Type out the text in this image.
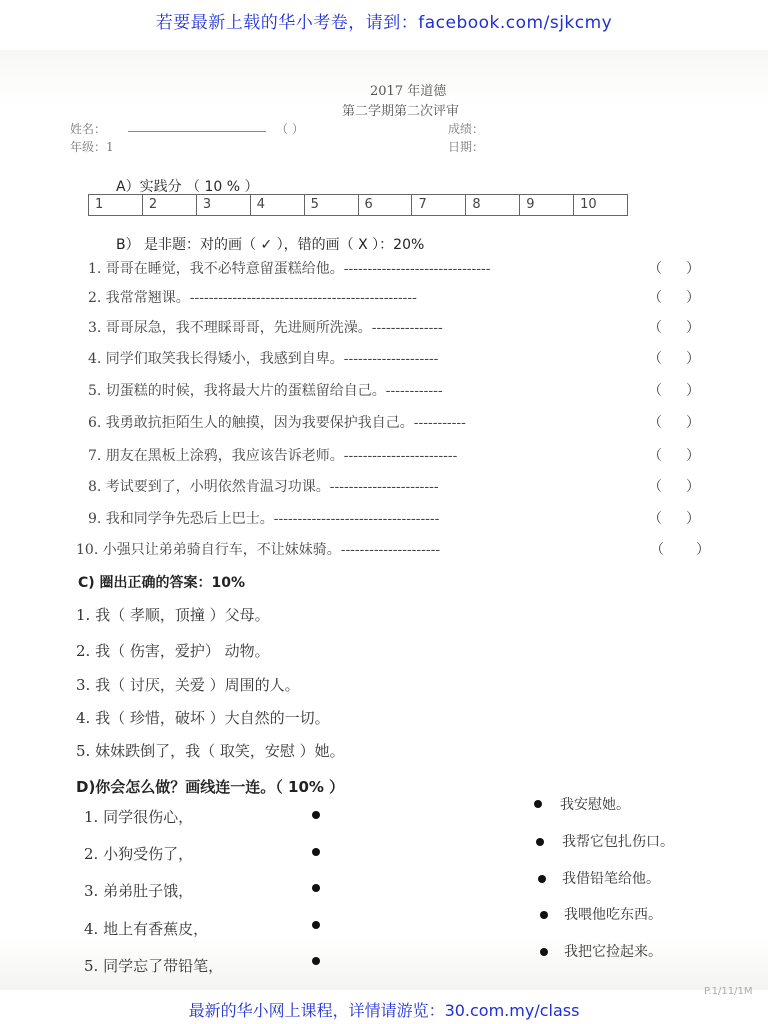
若要最新上载的华小考卷，请到：facebook.com/sjkcmy
2017 年道德
第二学期第二次评审
姓名：	（ ）	成绩：
年级：1	日期：
A）实践分 （ 10 % ）
1	2	3	4	5	6	7	8	9	10
B） 是非题：对的画（ ✓ ），错的画（ X ）：20%
1. 哥哥在睡觉，我不必特意留蛋糕给他。-------------------------------	（ ）
2. 我常常翘课。------------------------------------------------	（ ）
3. 哥哥尿急，我不理睬哥哥，先进厕所洗澡。---------------	（ ）
4. 同学们取笑我长得矮小，我感到自卑。--------------------	（ ）
5. 切蛋糕的时候，我将最大片的蛋糕留给自己。------------	（ ）
6. 我勇敢抗拒陌生人的触摸，因为我要保护我自己。-----------	（ ）
7. 朋友在黑板上涂鸦，我应该告诉老师。------------------------	（ ）
8. 考试要到了，小明依然肯温习功课。-----------------------	（ ）
9. 我和同学争先恐后上巴士。-----------------------------------	（ ）
10. 小强只让弟弟骑自行车，不让妹妹骑。---------------------	（ ）
C) 圈出正确的答案：10%
1. 我（ 孝顺，顶撞 ）父母。
2. 我（ 伤害，爱护） 动物。
3. 我（ 讨厌，关爱 ）周围的人。
4. 我（ 珍惜，破坏 ）大自然的一切。
5. 妹妹跌倒了，我（ 取笑，安慰 ）她。
D)你会怎么做？画线连一连。（ 10% ）
1. 同学很伤心，
2. 小狗受伤了，
3. 弟弟肚子饿，
4. 地上有香蕉皮，
5. 同学忘了带铅笔，
我安慰她。
我帮它包扎伤口。
我借铅笔给他。
我喂他吃东西。
我把它捡起来。
P.1/11/1M
最新的华小网上课程，详情请游览：30.com.my/class
